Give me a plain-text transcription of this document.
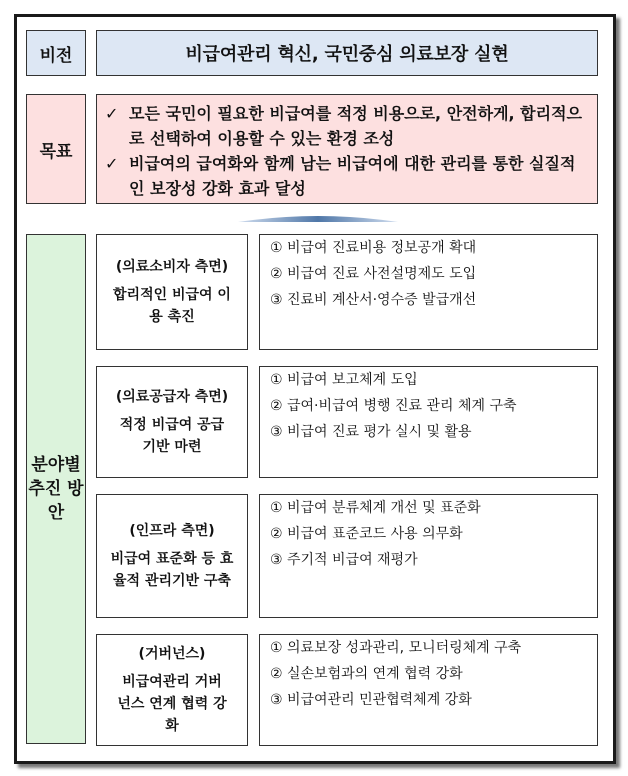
비전	비급여관리 혁신, 국민중심 의료보장 실현
목표
✓ 모든 국민이 필요한 비급여를 적정 비용으로, 안전하게, 합리적으로 선택하여 이용할 수 있는 환경 조성
✓ 비급여의 급여화와 함께 남는 비급여에 대한 관리를 통한 실질적인 보장성 강화 효과 달성
분야별 추진 방안
(의료소비자 측면)
합리적인 비급여 이용 촉진
① 비급여 진료비용 정보공개 확대
② 비급여 진료 사전설명제도 도입
③ 진료비 계산서·영수증 발급개선
(의료공급자 측면)
적정 비급여 공급 기반 마련
① 비급여 보고체계 도입
② 급여·비급여 병행 진료 관리 체계 구축
③ 비급여 진료 평가 실시 및 활용
(인프라 측면)
비급여 표준화 등 효율적 관리기반 구축
① 비급여 분류체계 개선 및 표준화
② 비급여 표준코드 사용 의무화
③ 주기적 비급여 재평가
(거버넌스)
비급여관리 거버넌스 연계 협력 강화
① 의료보장 성과관리, 모니터링체계 구축
② 실손보험과의 연계 협력 강화
③ 비급여관리 민관협력체계 강화
